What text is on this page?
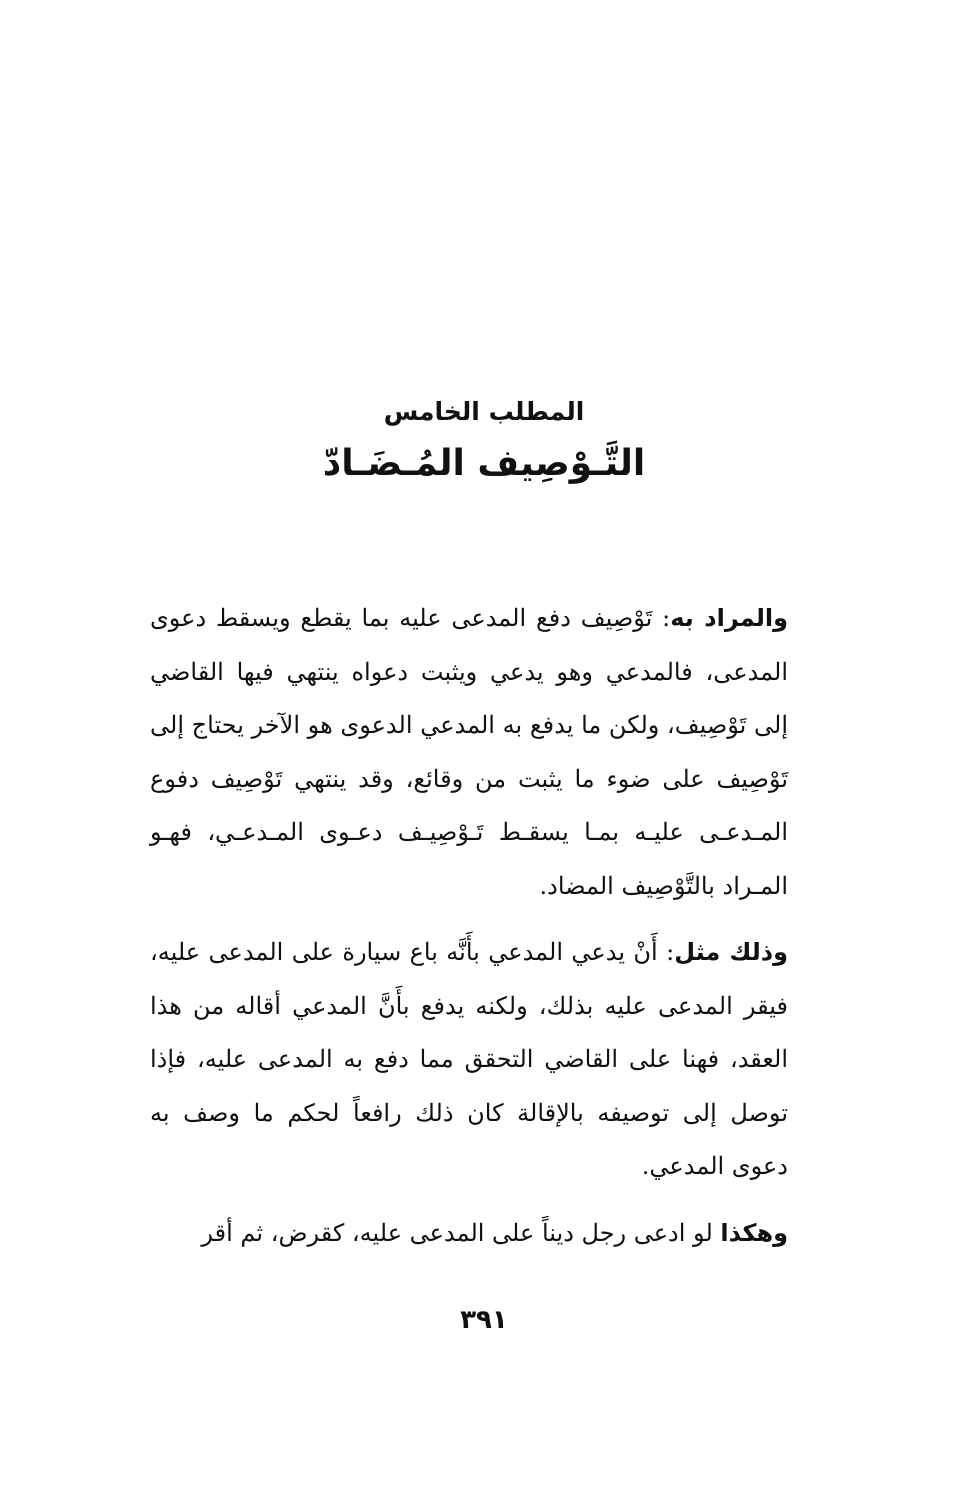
المطلب الخامس

التَّـوْصِيف المُـضَـادّ

والمراد به: تَوْصِيف دفع المدعى عليه بما يقطع ويسقط دعوى المدعى، فالمدعي وهو يدعي ويثبت دعواه ينتهي فيها القاضي إلى تَوْصِيف، ولكن ما يدفع به المدعي الدعوى هو الآخر يحتاج إلى تَوْصِيف على ضوء ما يثبت من وقائع، وقد ينتهي تَوْصِيف دفوع المـدعـى عليـه بمـا يسقـط تَـوْصِيـف دعـوى المـدعـي، فهـو المـراد بالتَّوْصِيف المضاد.

وذلك مثل: أَنْ يدعي المدعي بأَنَّه باع سيارة على المدعى عليه، فيقر المدعى عليه بذلك، ولكنه يدفع بأَنَّ المدعي أقاله من هذا العقد، فهنا على القاضي التحقق مما دفع به المدعى عليه، فإذا توصل إلى توصيفه بالإقالة كان ذلك رافعاً لحكم ما وصف به دعوى المدعي.

وهكذا لو ادعى رجل ديناً على المدعى عليه، كقرض، ثم أقر

٣٩١
